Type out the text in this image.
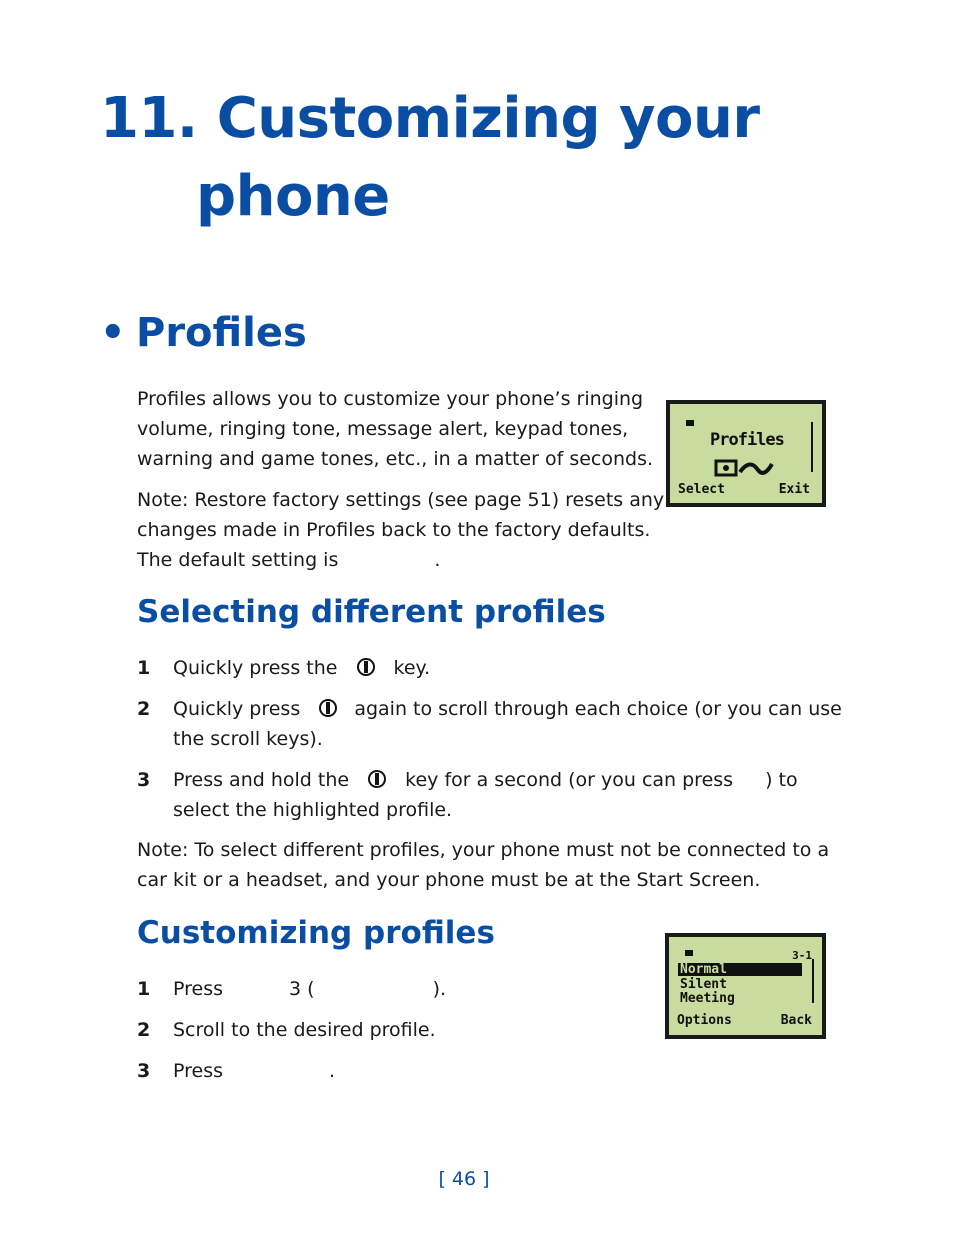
11. Customizing your
phone
• Profiles
Profiles allows you to customize your phone’s ringing
volume, ringing tone, message alert, keypad tones,
warning and game tones, etc., in a matter of seconds.
Note: Restore factory settings (see page 51) resets any
changes made in Profiles back to the factory defaults.
The default setting is	.
Profiles
Select	Exit
Selecting different profiles
1 Quickly press the	key.
2 Quickly press	again to scroll through each choice (or you can use
the scroll keys).
3 Press and hold the	key for a second (or you can press ) to
select the highlighted profile.
Note: To select different profiles, your phone must not be connected to a
car kit or a headset, and your phone must be at the Start Screen.
Customizing profiles
1 Press	3 (	).
2 Scroll to the desired profile.
3 Press	.
3-1
Normal
Silent
Meeting
Options	Back
[ 46 ]
